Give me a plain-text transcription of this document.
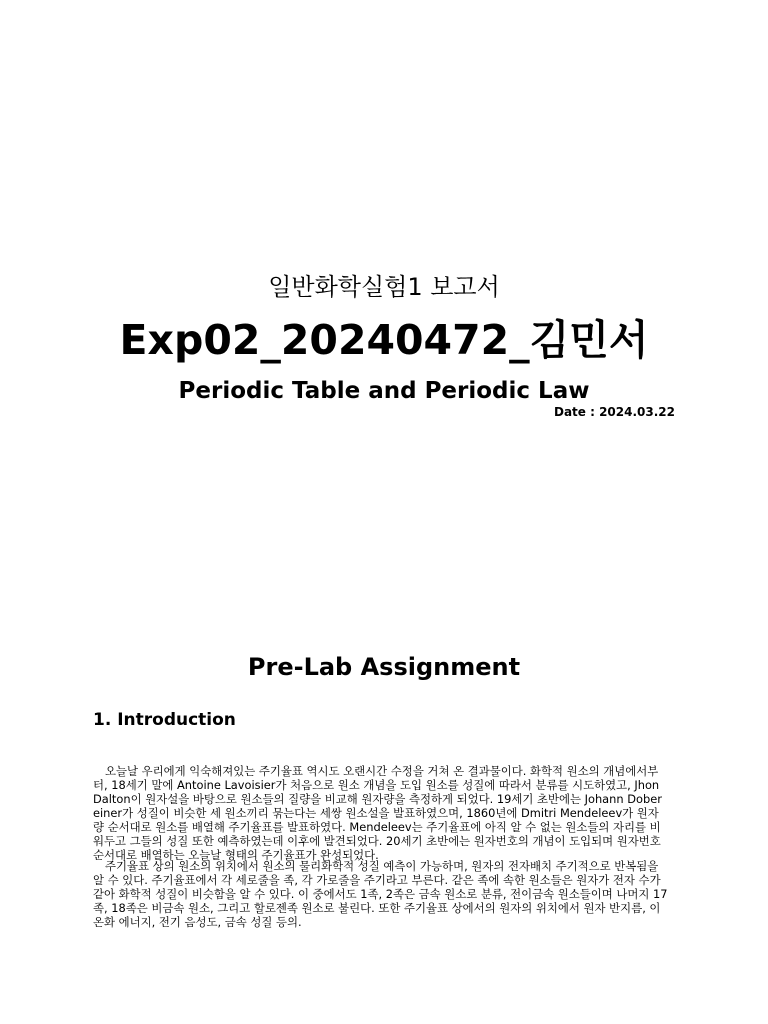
일반화학실험1 보고서
Exp02_20240472_김민서
Periodic Table and Periodic Law
Date : 2024.03.22
Pre-Lab Assignment
1. Introduction

오늘날 우리에게 익숙해져있는 주기율표 역시도 오랜시간 수정을 거쳐 온 결과물이다. 화학적 원소의 개념에서부터, 18세기 말에 Antoine Lavoisier가 처음으로 원소 개념을 도입 원소를 성질에 따라서 분류를 시도하였고, Jhon Dalton이 원자설을 바탕으로 원소들의 질량을 비교해 원자량을 측정하게 되었다. 19세기 초반에는 Johann Dobereiner가 성질이 비슷한 세 원소끼리 묶는다는 세쌍 원소설을 발표하였으며, 1860년에 Dmitri Mendeleev가 원자량 순서대로 원소를 배열해 주기율표를 발표하였다. Mendeleev는 주기율표에 아직 알 수 없는 원소들의 자리를 비워두고 그들의 성질 또한 예측하였는데 이후에 발견되었다. 20세기 초반에는 원자번호의 개념이 도입되며 원자번호 순서대로 배열하는 오늘날 형태의 주기율표가 완성되었다.

주기율표 상의 원소의 위치에서 원소의 물리화학적 성질 예측이 가능하며, 원자의 전자배치 주기적으로 반복됨을 알 수 있다. 주기율표에서 각 세로줄을 족, 각 가로줄을 주기라고 부른다. 같은 족에 속한 원소들은 원자가 전자 수가 같아 화학적 성질이 비슷함을 알 수 있다. 이 중에서도 1족, 2족은 금속 원소로 분류, 전이금속 원소들이며 나머지 17족, 18족은 비금속 원소, 그리고 할로젠족 원소로 불린다. 또한 주기율표 상에서의 원자의 위치에서 원자 반지름, 이온화 에너지, 전기 음성도, 금속 성질 등의.
